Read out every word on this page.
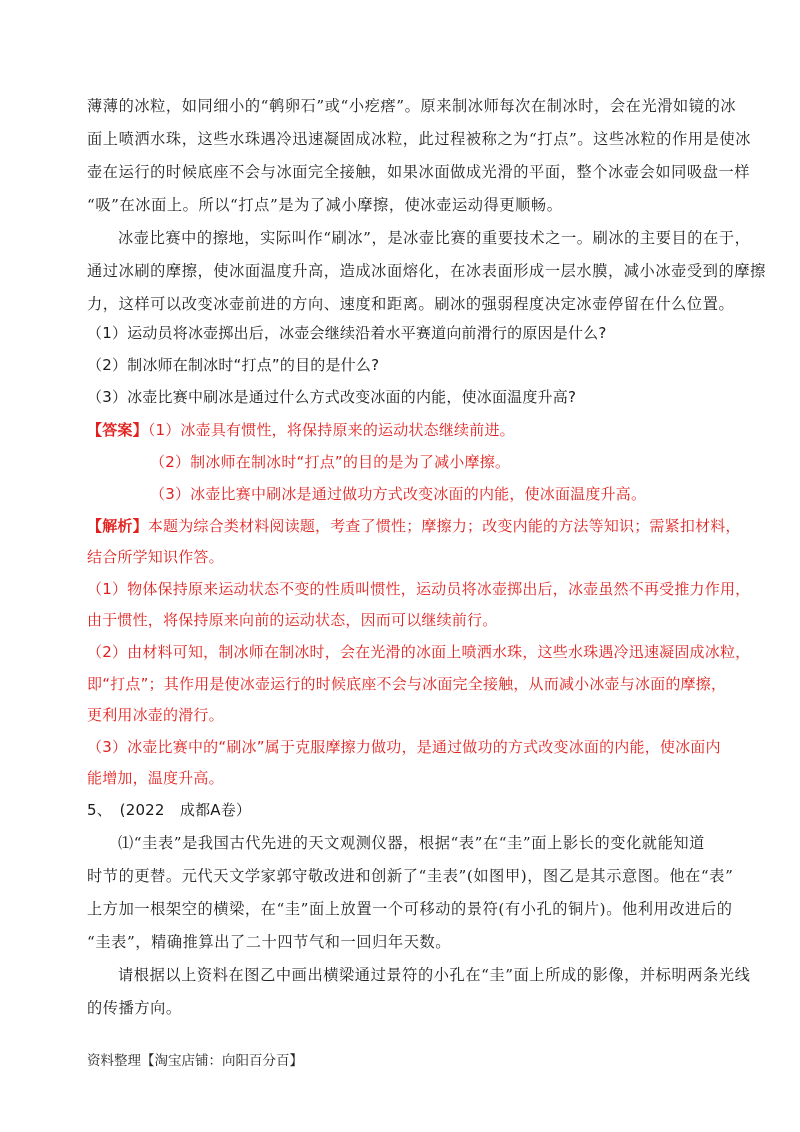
薄薄的冰粒，如同细小的“鹌卵石”或“小疙瘩”。原来制冰师每次在制冰时，会在光滑如镜的冰
面上喷洒水珠，这些水珠遇冷迅速凝固成冰粒，此过程被称之为“打点”。这些冰粒的作用是使冰
壶在运行的时候底座不会与冰面完全接触，如果冰面做成光滑的平面，整个冰壶会如同吸盘一样
“吸”在冰面上。所以“打点”是为了减小摩擦，使冰壶运动得更顺畅。
冰壶比赛中的擦地，实际叫作“刷冰”，是冰壶比赛的重要技术之一。刷冰的主要目的在于，
通过冰刷的摩擦，使冰面温度升高，造成冰面熔化，在冰表面形成一层水膜，减小冰壶受到的摩擦
力，这样可以改变冰壶前进的方向、速度和距离。刷冰的强弱程度决定冰壶停留在什么位置。
（1）运动员将冰壶掷出后，冰壶会继续沿着水平赛道向前滑行的原因是什么?
（2）制冰师在制冰时“打点”的目的是什么?
（3）冰壶比赛中刷冰是通过什么方式改变冰面的内能，使冰面温度升高?
【答案】（1）冰壶具有惯性，将保持原来的运动状态继续前进。
（2）制冰师在制冰时“打点”的目的是为了减小摩擦。
（3）冰壶比赛中刷冰是通过做功方式改变冰面的内能，使冰面温度升高。
【解析】本题为综合类材料阅读题，考查了惯性；摩擦力；改变内能的方法等知识；需紧扣材料，
结合所学知识作答。
（1）物体保持原来运动状态不变的性质叫惯性，运动员将冰壶掷出后，冰壶虽然不再受推力作用，
由于惯性，将保持原来向前的运动状态，因而可以继续前行。
（2）由材料可知，制冰师在制冰时，会在光滑的冰面上喷洒水珠，这些水珠遇冷迅速凝固成冰粒，
即“打点”；其作用是使冰壶运行的时候底座不会与冰面完全接触，从而减小冰壶与冰面的摩擦，
更利用冰壶的滑行。
（3）冰壶比赛中的“刷冰”属于克服摩擦力做功，是通过做功的方式改变冰面的内能，使冰面内
能增加，温度升高。
5、　(2022　成都A卷）
⑴“圭表”是我国古代先进的天文观测仪器，根据“表”在“圭”面上影长的变化就能知道
时节的更替。元代天文学家郭守敬改进和创新了“圭表”(如图甲)，图乙是其示意图。他在“表”
上方加一根架空的横梁，在“圭”面上放置一个可移动的景符(有小孔的铜片)。他利用改进后的
“圭表”，精确推算出了二十四节气和一回归年天数。
请根据以上资料在图乙中画出横梁通过景符的小孔在“圭”面上所成的影像，并标明两条光线
的传播方向。
资料整理【淘宝店铺：向阳百分百】
